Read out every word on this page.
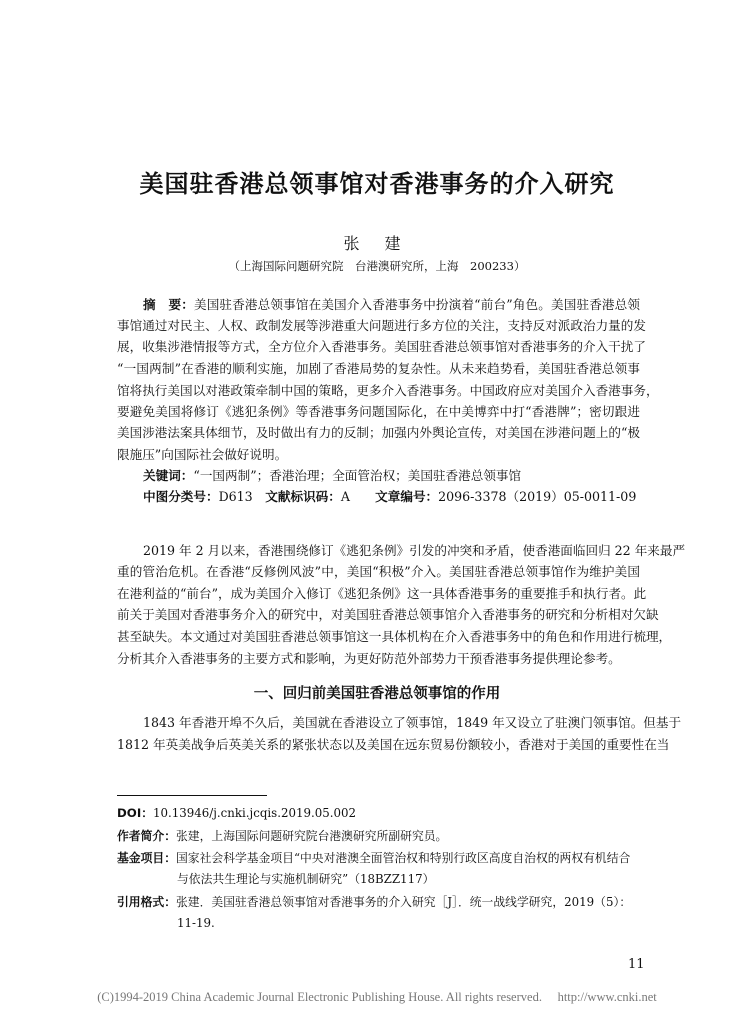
美国驻香港总领事馆对香港事务的介入研究
张 建
（上海国际问题研究院　台港澳研究所，上海　200233）
摘　要：美国驻香港总领事馆在美国介入香港事务中扮演着“前台”角色。美国驻香港总领
事馆通过对民主、人权、政制发展等涉港重大问题进行多方位的关注，支持反对派政治力量的发
展，收集涉港情报等方式，全方位介入香港事务。美国驻香港总领事馆对香港事务的介入干扰了
“一国两制”在香港的顺利实施，加剧了香港局势的复杂性。从未来趋势看，美国驻香港总领事
馆将执行美国以对港政策牵制中国的策略，更多介入香港事务。中国政府应对美国介入香港事务，
要避免美国将修订《逃犯条例》等香港事务问题国际化，在中美博弈中打“香港牌”；密切跟进
美国涉港法案具体细节，及时做出有力的反制；加强内外舆论宣传，对美国在涉港问题上的“极
限施压”向国际社会做好说明。
关键词：“一国两制”；香港治理；全面管治权；美国驻香港总领事馆
中图分类号：D613  文献标识码：A   文章编号：2096-3378（2019）05-0011-09
2019 年 2 月以来，香港围绕修订《逃犯条例》引发的冲突和矛盾，使香港面临回归 22 年来最严
重的管治危机。在香港“反修例风波”中，美国“积极”介入。美国驻香港总领事馆作为维护美国
在港利益的“前台”，成为美国介入修订《逃犯条例》这一具体香港事务的重要推手和执行者。此
前关于美国对香港事务介入的研究中，对美国驻香港总领事馆介入香港事务的研究和分析相对欠缺
甚至缺失。本文通过对美国驻香港总领事馆这一具体机构在介入香港事务中的角色和作用进行梳理，
分析其介入香港事务的主要方式和影响，为更好防范外部势力干预香港事务提供理论参考。
一、回归前美国驻香港总领事馆的作用
1843 年香港开埠不久后，美国就在香港设立了领事馆，1849 年又设立了驻澳门领事馆。但基于
1812 年英美战争后英美关系的紧张状态以及美国在远东贸易份额较小，香港对于美国的重要性在当
DOI：10.13946/j.cnki.jcqis.2019.05.002
作者简介：张建，上海国际问题研究院台港澳研究所副研究员。
基金项目：国家社会科学基金项目“中央对港澳全面管治权和特别行政区高度自治权的两权有机结合
与依法共生理论与实施机制研究”（18BZZ117）
引用格式：张建．美国驻香港总领事馆对香港事务的介入研究［J］．统一战线学研究，2019（5）：
11-19.
11
(C)1994-2019 China Academic Journal Electronic Publishing House. All rights reserved.　 http://www.cnki.net
